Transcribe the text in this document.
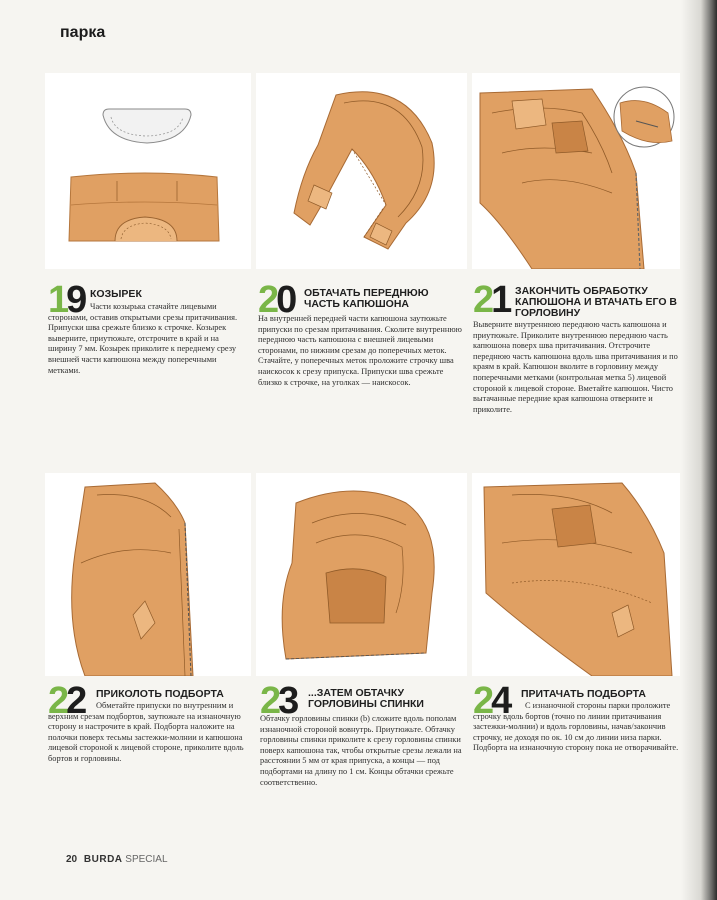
парка
19 КОЗЫРЕК
Части козырька стачайте лицевыми сторонами, оставив открытыми срезы притачивания. Припуски шва срежьте близко к строчке. Козырек выверните, приутюжьте, отстрочите в край и на ширину 7 мм. Козырек приколите к переднему срезу внешней части капюшона между поперечными метками.
20 ОБТАЧАТЬ ПЕРЕДНЮЮ ЧАСТЬ КАПЮШОНА
На внутренней передней части капюшона заутюжьте припуски по срезам притачивания. Сколите внутреннюю переднюю часть капюшона с внешней лицевыми сторонами, по нижним срезам до поперечных меток. Стачайте, у поперечных меток проложите строчку шва наискосок к срезу припуска. Припуски шва срежьте близко к строчке, на уголках — наискосок.
21 ЗАКОНЧИТЬ ОБРАБОТКУ КАПЮШОНА И ВТАЧАТЬ ЕГО В ГОРЛОВИНУ
Выверните внутреннюю переднюю часть капюшона и приутюжьте. Приколите внутреннюю переднюю часть капюшона поверх шва притачивания. Отстрочите переднюю часть капюшона вдоль шва притачивания и по краям в край. Капюшон вколите в горловину между поперечными метками (контрольная метка 5) лицевой стороной к лицевой стороне. Вметайте капюшон. Чисто вытачанные передние края капюшона отверните и приколите.
22 ПРИКОЛОТЬ ПОДБОРТА
Обметайте припуски по внутренним и верхним срезам подбортов, заутюжьте на изнаночную сторону и настрочите в край. Подборта наложите на полочки поверх тесьмы застежки-молнии и капюшона лицевой стороной к лицевой стороне, приколите вдоль бортов и горловины.
23 ...ЗАТЕМ ОБТАЧКУ ГОРЛОВИНЫ СПИНКИ
Обтачку горловины спинки (b) сложите вдоль пополам изнаночной стороной вовнутрь. Приутюжьте. Обтачку горловины спинки приколите к срезу горловины спинки поверх капюшона так, чтобы открытые срезы лежали на расстоянии 5 мм от края припуска, а концы — под подбортами на длину по 1 см. Концы обтачки срежьте соответственно.
24 ПРИТАЧАТЬ ПОДБОРТА
С изнаночной стороны парки проложите строчку вдоль бортов (точно по линии притачивания застежки-молнии) и вдоль горловины, начав/закончив строчку, не доходя по ок. 10 см до линии низа парки. Подборта на изнаночную сторону пока не отворачивайте.
20 BURDA SPECIAL
